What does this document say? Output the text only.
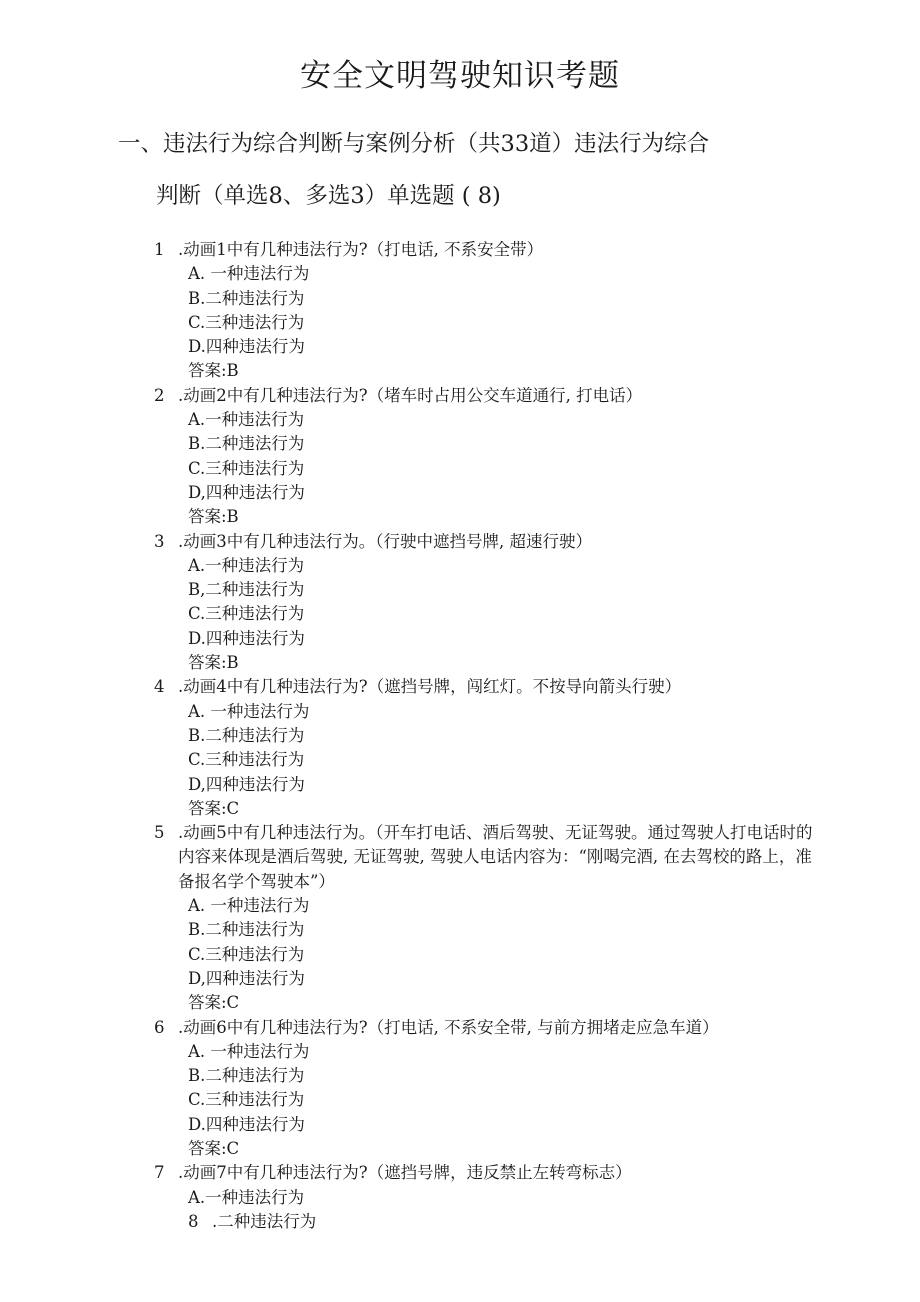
安全文明驾驶知识考题
一、违法行为综合判断与案例分析（共33道）违法行为综合
判断（单选8、多选3）单选题 ( 8)
1 .动画1中有几种违法行为?（打电话, 不系安全带）
A. 一种违法行为
B.二种违法行为
C.三种违法行为
D.四种违法行为
答案:B
2 .动画2中有几种违法行为?（堵车时占用公交车道通行, 打电话）
A.一种违法行为
B.二种违法行为
C.三种违法行为
D,四种违法行为
答案:B
3 .动画3中有几种违法行为。（行驶中遮挡号牌, 超速行驶）
A.一种违法行为
B,二种违法行为
C.三种违法行为
D.四种违法行为
答案:B
4 .动画4中有几种违法行为?（遮挡号牌，闯红灯。不按导向箭头行驶）
A. 一种违法行为
B.二种违法行为
C.三种违法行为
D,四种违法行为
答案:C
5 .动画5中有几种违法行为。（开车打电话、酒后驾驶、无证驾驶。通过驾驶人打电话时的内容来体现是酒后驾驶, 无证驾驶, 驾驶人电话内容为：“刚喝完酒, 在去驾校的路上，准备报名学个驾驶本”）
A. 一种违法行为
B.二种违法行为
C.三种违法行为
D,四种违法行为
答案:C
6 .动画6中有几种违法行为?（打电话, 不系安全带, 与前方拥堵走应急车道）
A. 一种违法行为
B.二种违法行为
C.三种违法行为
D.四种违法行为
答案:C
7 .动画7中有几种违法行为?（遮挡号牌，违反禁止左转弯标志）
A.一种违法行为
8 .二种违法行为
